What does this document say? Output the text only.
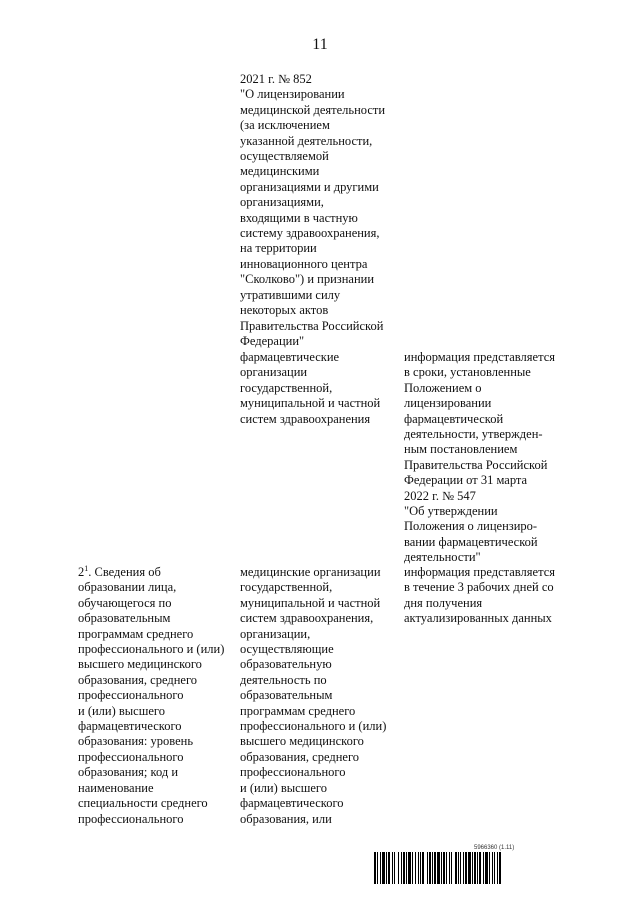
11
2021 г. № 852
"О лицензировании
медицинской деятельности
(за исключением
указанной деятельности,
осуществляемой
медицинскими
организациями и другими
организациями,
входящими в частную
систему здравоохранения,
на территории
инновационного центра
"Сколково") и признании
утратившими силу
некоторых актов
Правительства Российской
Федерации"
фармацевтические
организации
государственной,
муниципальной и частной
систем здравоохранения
информация представляется
в сроки, установленные
Положением о
лицензировании
фармацевтической
деятельности, утвержден-
ным постановлением
Правительства Российской
Федерации от 31 марта
2022 г. № 547
"Об утверждении
Положения о лицензиро-
вании фармацевтической
деятельности"
$2^1$. Сведения об
образовании лица,
обучающегося по
образовательным
программам среднего
профессионального и (или)
высшего медицинского
образования, среднего
профессионального
и (или) высшего
фармацевтического
образования: уровень
профессионального
образования; код и
наименование
специальности среднего
профессионального
медицинские организации
государственной,
муниципальной и частной
систем здравоохранения,
организации,
осуществляющие
образовательную
деятельность по
образовательным
программам среднего
профессионального и (или)
высшего медицинского
образования, среднего
профессионального
и (или) высшего
фармацевтического
образования, или
информация представляется
в течение 3 рабочих дней со
дня получения
актуализированных данных
5966360 (1.11)
